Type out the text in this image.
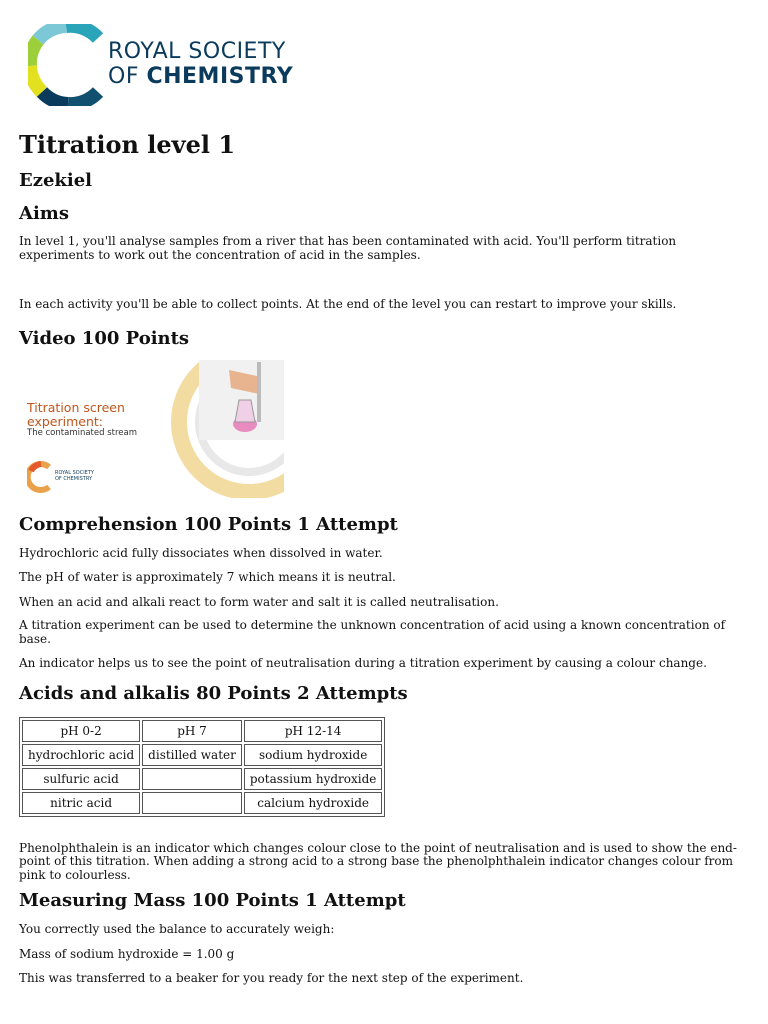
ROYAL SOCIETY
OF CHEMISTRY
Titration level 1
Ezekiel
Aims

In level 1, you'll analyse samples from a river that has been contaminated with acid. You'll perform titration experiments to work out the concentration of acid in the samples.

In each activity you'll be able to collect points. At the end of the level you can restart to improve your skills.

Video 100 Points
Titration screen
experiment:
The contaminated stream
ROYAL SOCIETY
OF CHEMISTRY
Comprehension 100 Points 1 Attempt

Hydrochloric acid fully dissociates when dissolved in water.

The pH of water is approximately 7 which means it is neutral.

When an acid and alkali react to form water and salt it is called neutralisation.

A titration experiment can be used to determine the unknown concentration of acid using a known concentration of base.

An indicator helps us to see the point of neutralisation during a titration experiment by causing a colour change.

Acids and alkalis 80 Points 2 Attempts
pH 0-2	pH 7	pH 12-14
hydrochloric acid	distilled water	sodium hydroxide
sulfuric acid		potassium hydroxide
nitric acid		calcium hydroxide

Phenolphthalein is an indicator which changes colour close to the point of neutralisation and is used to show the end-point of this titration. When adding a strong acid to a strong base the phenolphthalein indicator changes colour from pink to colourless.

Measuring Mass 100 Points 1 Attempt

You correctly used the balance to accurately weigh:

Mass of sodium hydroxide = 1.00 g

This was transferred to a beaker for you ready for the next step of the experiment.
